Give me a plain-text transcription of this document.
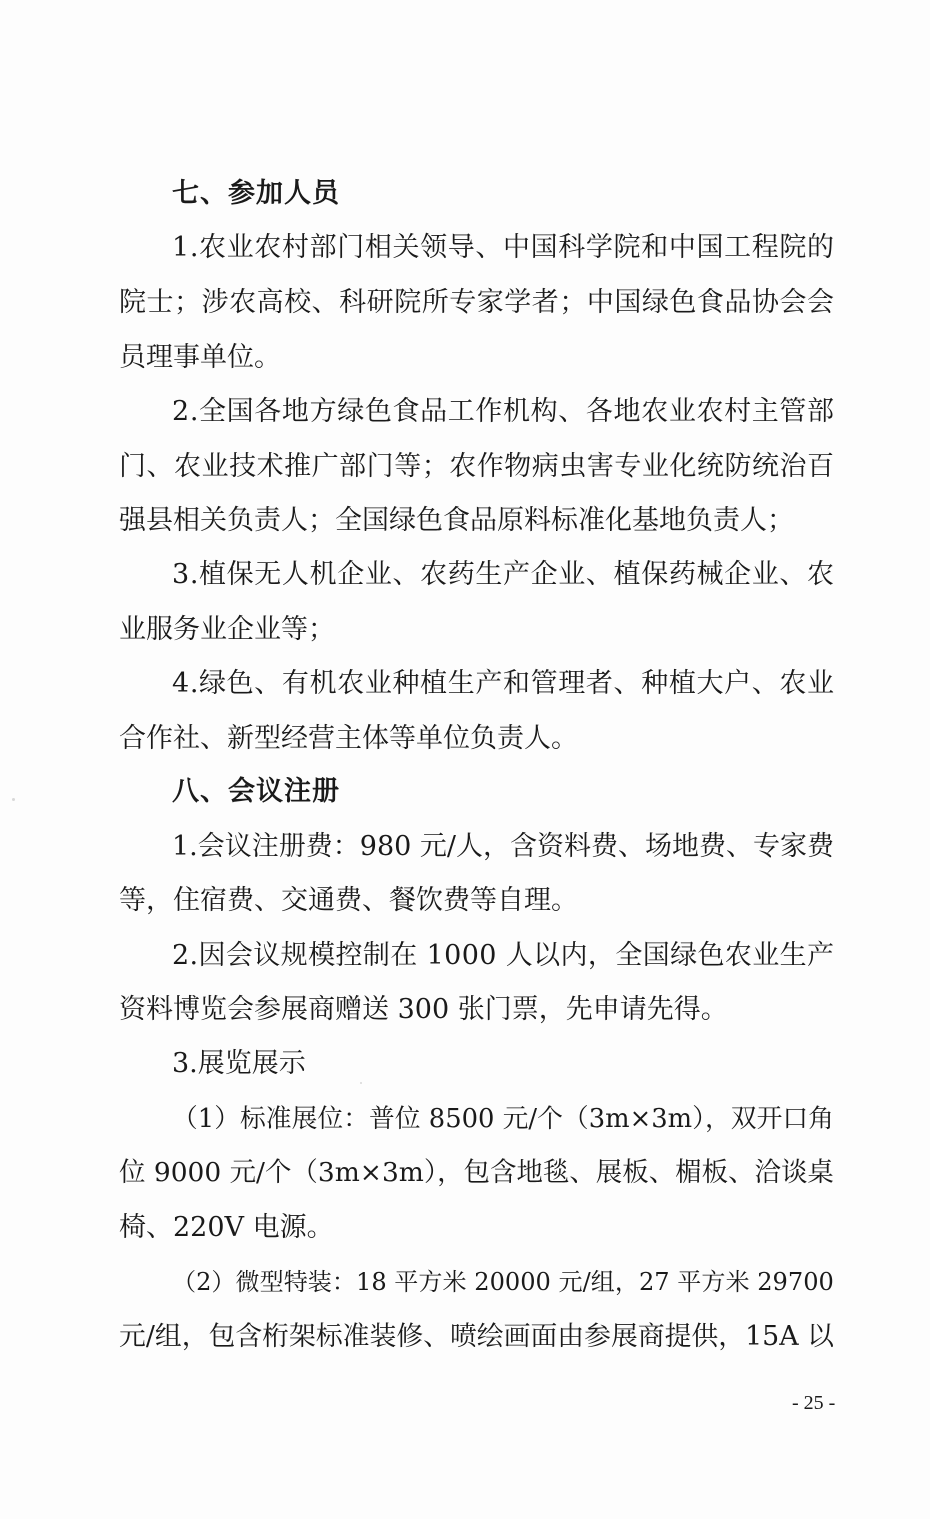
七、参加人员
1.农业农村部门相关领导、中国科学院和中国工程院的
院士；涉农高校、科研院所专家学者；中国绿色食品协会会
员理事单位。
2.全国各地方绿色食品工作机构、各地农业农村主管部
门、农业技术推广部门等；农作物病虫害专业化统防统治百
强县相关负责人；全国绿色食品原料标准化基地负责人；
3.植保无人机企业、农药生产企业、植保药械企业、农
业服务业企业等；
4.绿色、有机农业种植生产和管理者、种植大户、农业
合作社、新型经营主体等单位负责人。
八、会议注册
1.会议注册费：980 元/人，含资料费、场地费、专家费
等，住宿费、交通费、餐饮费等自理。
2.因会议规模控制在 1000 人以内，全国绿色农业生产
资料博览会参展商赠送 300 张门票，先申请先得。
3.展览展示
（1）标准展位：普位 8500 元/个（3m×3m），双开口角
位 9000 元/个（3m×3m），包含地毯、展板、楣板、洽谈桌
椅、220V 电源。
（2）微型特装：18 平方米 20000 元/组，27 平方米 29700
元/组，包含桁架标准装修、喷绘画面由参展商提供，15A 以
- 25 -
